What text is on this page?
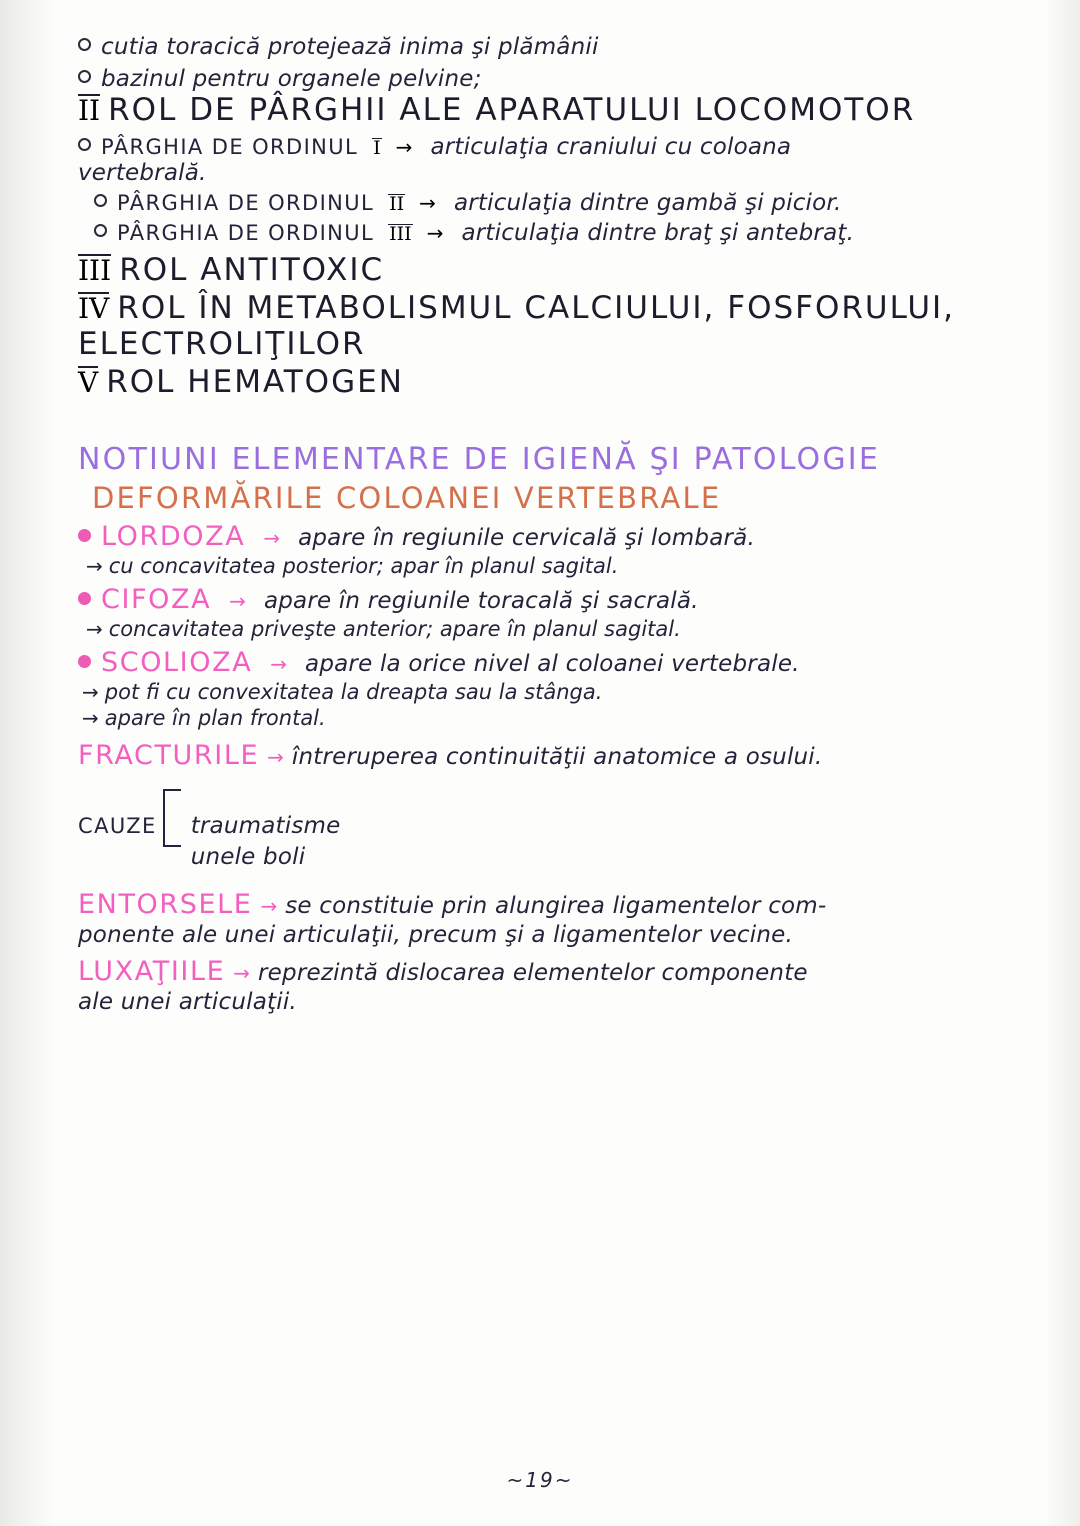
cutia toracică protejează inima şi plămânii
bazinul pentru organele pelvine;
II ROL DE PÂRGHII ALE APARATULUI LOCOMOTOR
PÂRGHIA DE ORDINUL I → articulaţia craniului cu coloana
vertebrală.
PÂRGHIA DE ORDINUL II → articulaţia dintre gambă şi picior.
PÂRGHIA DE ORDINUL III → articulaţia dintre braţ şi antebraţ.
III ROL ANTITOXIC
IV ROL ÎN METABOLISMUL CALCIULUI, FOSFORULUI,
ELECTROLIŢILOR
V ROL HEMATOGEN
NOTIUNI ELEMENTARE DE IGIENĂ ŞI PATOLOGIE
DEFORMĂRILE COLOANEI VERTEBRALE
LORDOZA → apare în regiunile cervicală şi lombară.
→ cu concavitatea posterior; apar în planul sagital.
CIFOZA → apare în regiunile toracală şi sacrală.
→ concavitatea priveşte anterior; apare în planul sagital.
SCOLIOZA → apare la orice nivel al coloanei vertebrale.
→ pot fi cu convexitatea la dreapta sau la stânga.
→ apare în plan frontal.
FRACTURILE → întreruperea continuităţii anatomice a osului.
CAUZE traumatisme
unele boli
ENTORSELE → se constituie prin alungirea ligamentelor com-
ponente ale unei articulaţii, precum şi a ligamentelor vecine.
LUXAŢIILE → reprezintă dislocarea elementelor componente
ale unei articulaţii.
~19~
